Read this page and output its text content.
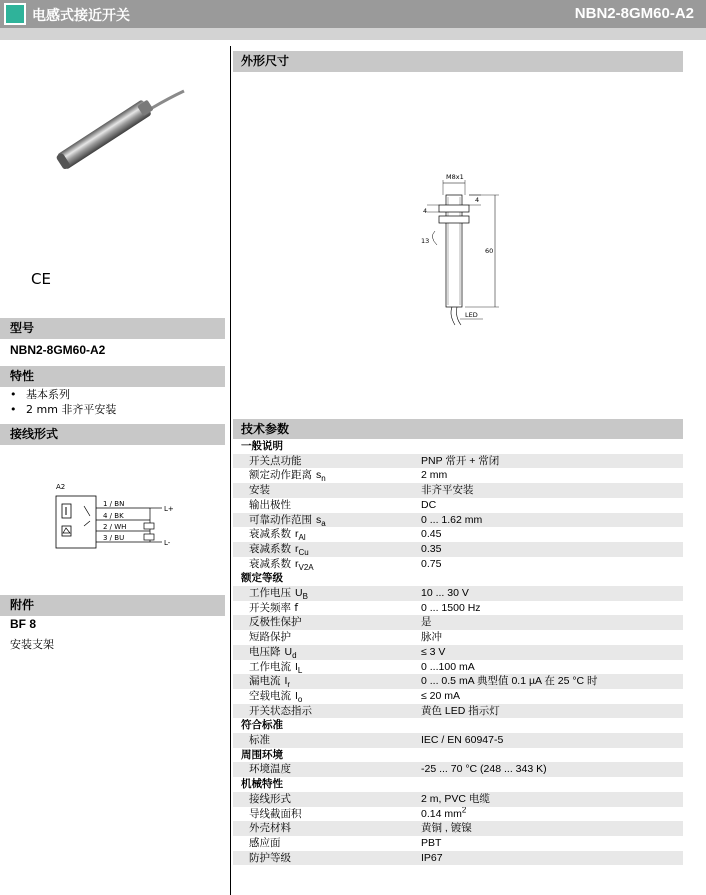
电感式接近开关	NBN2-8GM60-A2
CE
型号
NBN2-8GM60-A2
特性
• 基本系列
• 2 mm 非齐平安装
接线形式
A2
1 / BN
4 / BK
2 / WH
3 / BU
L+
L-
附件
BF 8
安装支架
外形尺寸
M8x1
4
4
13
60
LED
技术参数
一般说明	
开关点功能	PNP 常开 + 常闭
额定动作距离 $s_n$	2 mm
安装	非齐平安装
输出极性	DC
可靠动作范围 $s_a$	0 ... 1.62 mm
衰减系数 $r_{Al}$	0.45
衰减系数 $r_{Cu}$	0.35
衰减系数 $r_{V2A}$	0.75
额定等级	
工作电压 $U_B$	10 ... 30 V
开关频率 f	0 ... 1500 Hz
反极性保护	是
短路保护	脉冲
电压降 $U_d$	≤ 3 V
工作电流 $I_L$	0 ...100 mA
漏电流 $I_r$	0 ... 0.5 mA 典型值 0.1 µA 在 25 °C 时
空载电流 $I_o$	≤ 20 mA
开关状态指示	黄色 LED 指示灯
符合标准	
标准	IEC / EN 60947-5
周围环境	
环境温度	-25 ... 70 °C (248 ... 343 K)
机械特性	
接线形式	2 m, PVC 电缆
导线截面积	0.14 $mm^2$
外壳材料	黄铜 , 镀镍
感应面	PBT
防护等级	IP67
